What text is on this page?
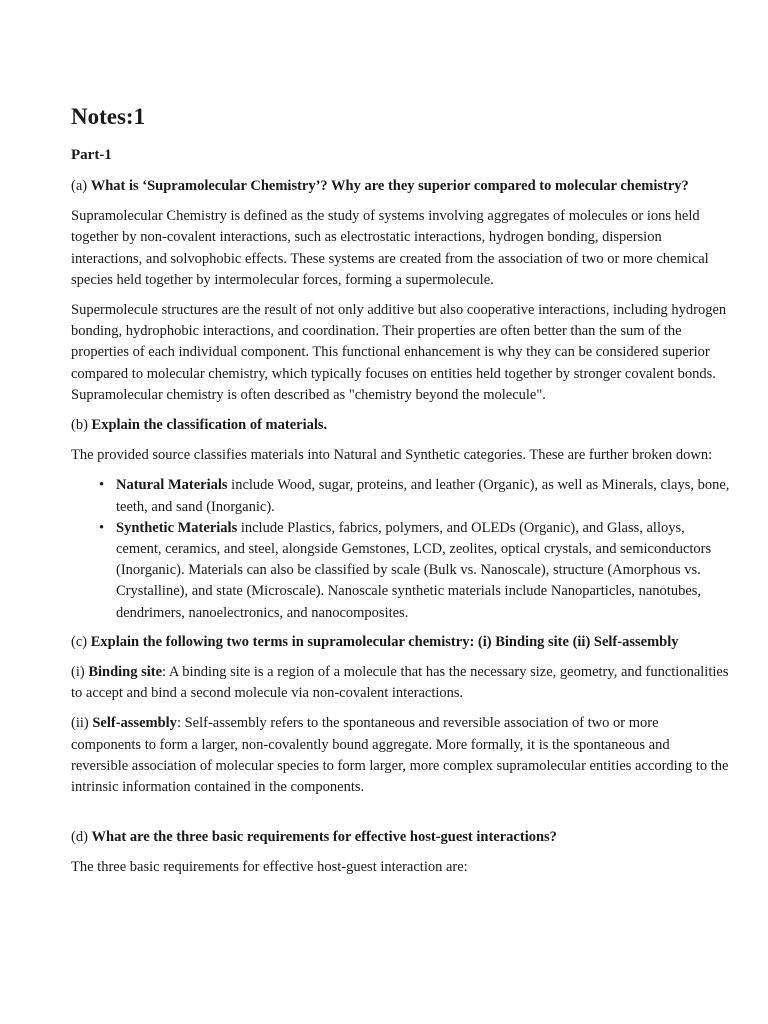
Notes:1
Part-1

(a) What is ‘Supramolecular Chemistry’? Why are they superior compared to molecular chemistry?

Supramolecular Chemistry is defined as the study of systems involving aggregates of molecules or ions held together by non-covalent interactions, such as electrostatic interactions, hydrogen bonding, dispersion interactions, and solvophobic effects. These systems are created from the association of two or more chemical species held together by intermolecular forces, forming a supermolecule.

Supermolecule structures are the result of not only additive but also cooperative interactions, including hydrogen bonding, hydrophobic interactions, and coordination. Their properties are often better than the sum of the properties of each individual component. This functional enhancement is why they can be considered superior compared to molecular chemistry, which typically focuses on entities held together by stronger covalent bonds. Supramolecular chemistry is often described as "chemistry beyond the molecule".

(b) Explain the classification of materials.

The provided source classifies materials into Natural and Synthetic categories. These are further broken down:

• Natural Materials include Wood, sugar, proteins, and leather (Organic), as well as Minerals, clays, bone, teeth, and sand (Inorganic).
• Synthetic Materials include Plastics, fabrics, polymers, and OLEDs (Organic), and Glass, alloys, cement, ceramics, and steel, alongside Gemstones, LCD, zeolites, optical crystals, and semiconductors (Inorganic). Materials can also be classified by scale (Bulk vs. Nanoscale), structure (Amorphous vs. Crystalline), and state (Microscale). Nanoscale synthetic materials include Nanoparticles, nanotubes, dendrimers, nanoelectronics, and nanocomposites.

(c) Explain the following two terms in supramolecular chemistry: (i) Binding site (ii) Self-assembly

(i) Binding site: A binding site is a region of a molecule that has the necessary size, geometry, and functionalities to accept and bind a second molecule via non-covalent interactions.

(ii) Self-assembly: Self-assembly refers to the spontaneous and reversible association of two or more components to form a larger, non-covalently bound aggregate. More formally, it is the spontaneous and reversible association of molecular species to form larger, more complex supramolecular entities according to the intrinsic information contained in the components.

(d) What are the three basic requirements for effective host-guest interactions?

The three basic requirements for effective host-guest interaction are:
